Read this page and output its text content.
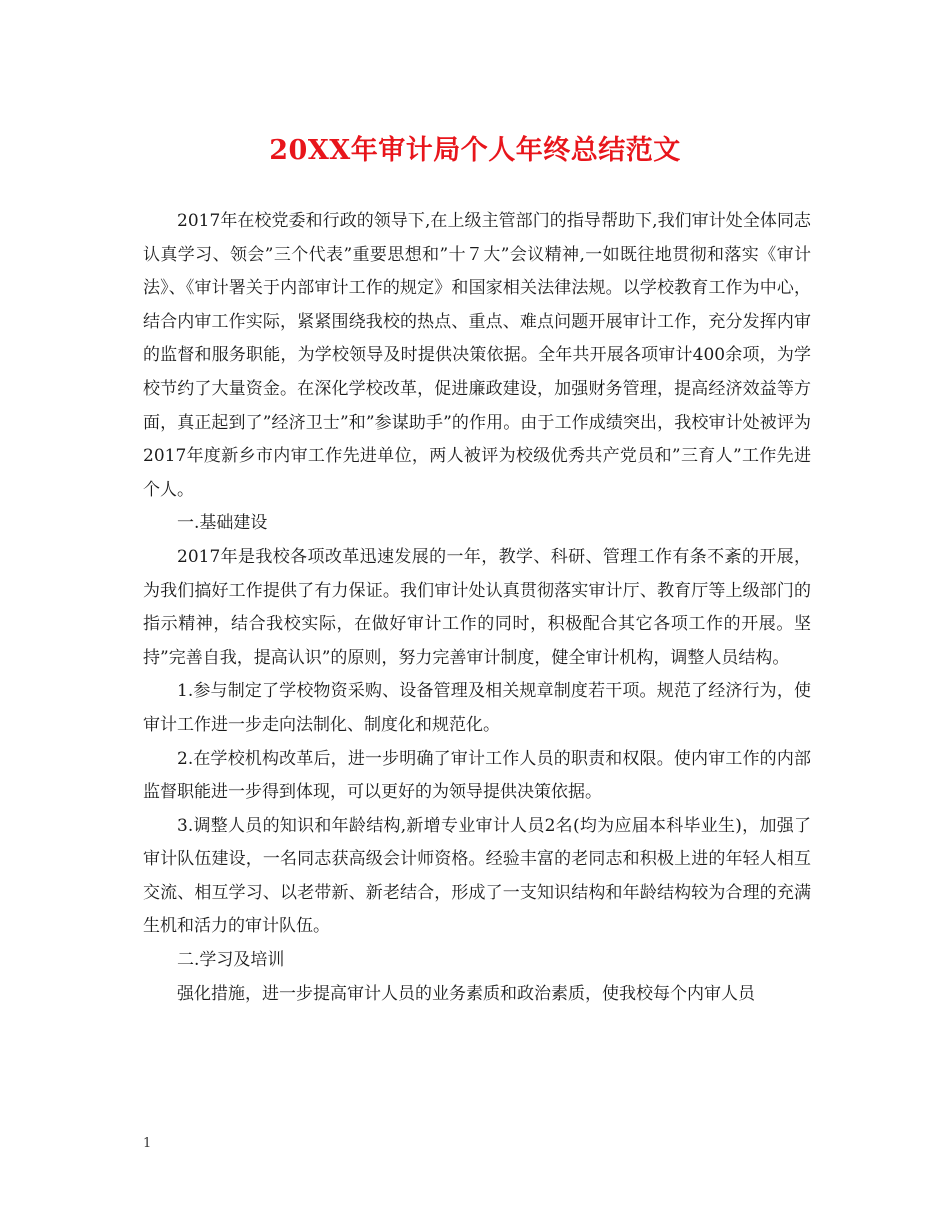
20XX年审计局个人年终总结范文

2017年在校党委和行政的领导下,在上级主管部门的指导帮助下,我们审计处全体同志认真学习、领会”三个代表”重要思想和”十７大”会议精神,一如既往地贯彻和落实《审计法》、《审计署关于内部审计工作的规定》和国家相关法律法规。以学校教育工作为中心，结合内审工作实际，紧紧围绕我校的热点、重点、难点问题开展审计工作，充分发挥内审的监督和服务职能，为学校领导及时提供决策依据。全年共开展各项审计400余项，为学校节约了大量资金。在深化学校改革，促进廉政建设，加强财务管理，提高经济效益等方面，真正起到了”经济卫士”和”参谋助手”的作用。由于工作成绩突出，我校审计处被评为2017年度新乡市内审工作先进单位，两人被评为校级优秀共产党员和”三育人”工作先进个人。

一.基础建设

2017年是我校各项改革迅速发展的一年，教学、科研、管理工作有条不紊的开展，为我们搞好工作提供了有力保证。我们审计处认真贯彻落实审计厅、教育厅等上级部门的指示精神，结合我校实际，在做好审计工作的同时，积极配合其它各项工作的开展。坚持”完善自我，提高认识”的原则，努力完善审计制度，健全审计机构，调整人员结构。

1.参与制定了学校物资采购、设备管理及相关规章制度若干项。规范了经济行为，使审计工作进一步走向法制化、制度化和规范化。

2.在学校机构改革后，进一步明确了审计工作人员的职责和权限。使内审工作的内部监督职能进一步得到体现，可以更好的为领导提供决策依据。

3.调整人员的知识和年龄结构,新增专业审计人员2名(均为应届本科毕业生)，加强了审计队伍建设，一名同志获高级会计师资格。经验丰富的老同志和积极上进的年轻人相互交流、相互学习、以老带新、新老结合，形成了一支知识结构和年龄结构较为合理的充满生机和活力的审计队伍。

二.学习及培训

强化措施，进一步提高审计人员的业务素质和政治素质，使我校每个内审人员

1
